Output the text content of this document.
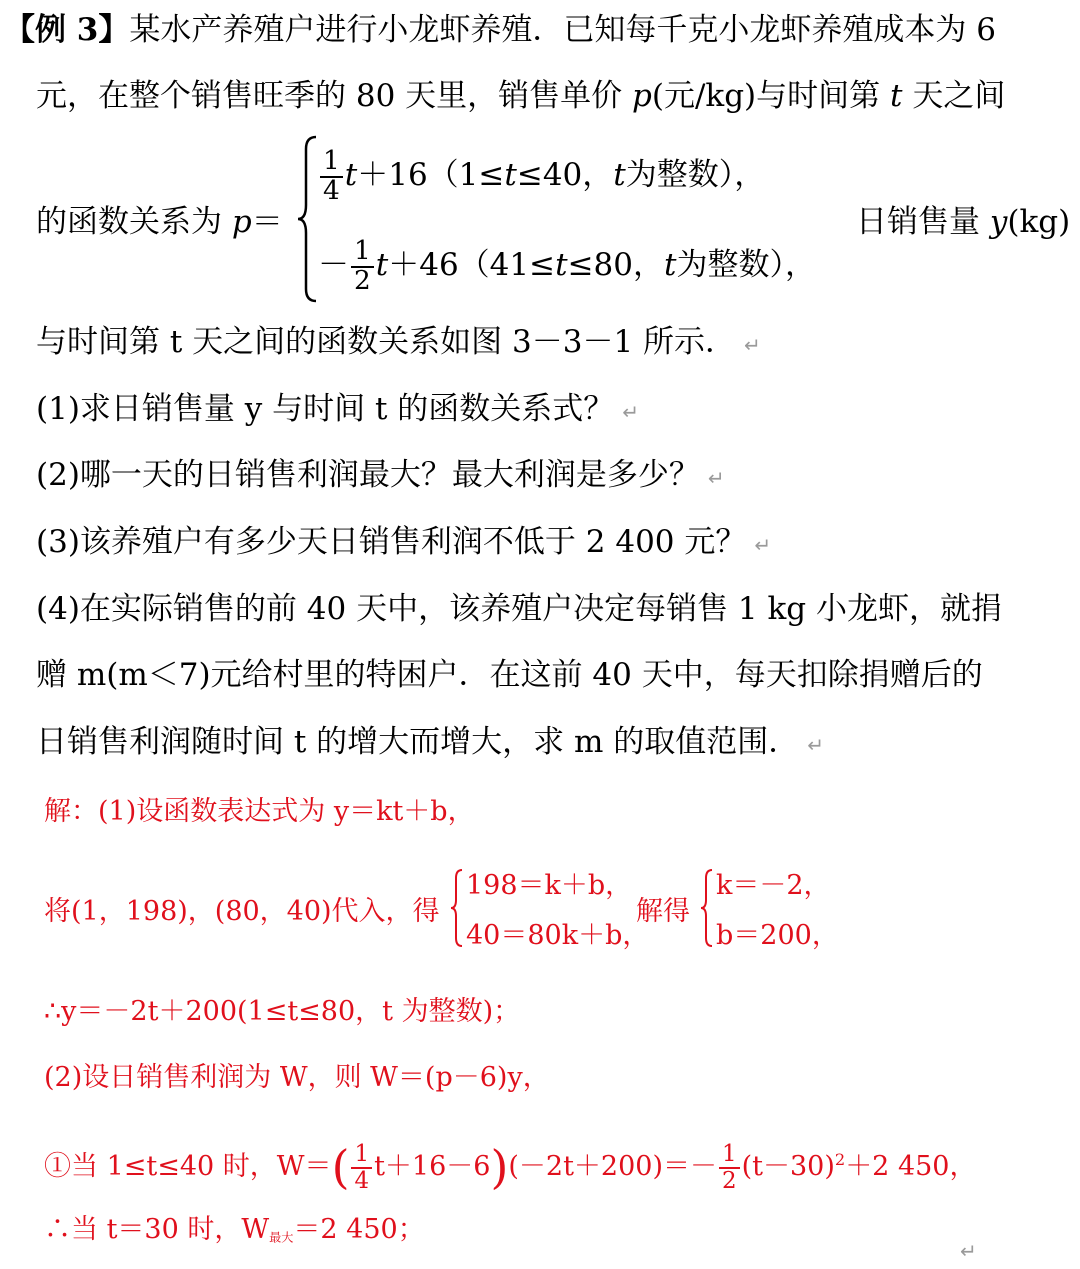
【例 3】某水产养殖户进行小龙虾养殖．已知每千克小龙虾养殖成本为 6
元，在整个销售旺季的 80 天里，销售单价 p(元/kg)与时间第 t 天之间
的函数关系为 p＝
$\frac{1}{4} t+16(1\le t\le 40$，t为整数），
－ $\frac{1}{2} t+46(41\le t\le 80$，t为整数），
日销售量 y(kg)
与时间第 t 天之间的函数关系如图 3－3－1 所示． ↵
(1)求日销售量 y 与时间 t 的函数关系式？ ↵
(2)哪一天的日销售利润最大？最大利润是多少？ ↵
(3)该养殖户有多少天日销售利润不低于 2 400 元？ ↵
(4)在实际销售的前 40 天中，该养殖户决定每销售 1 kg 小龙虾，就捐
赠 m(m＜7)元给村里的特困户．在这前 40 天中，每天扣除捐赠后的
日销售利润随时间 t 的增大而增大，求 m 的取值范围． ↵
解：(1)设函数表达式为 y＝kt＋b，
将(1，198)，(80，40)代入，得
198＝k＋b，
40＝80k＋b，
解得
k＝－2，
b＝200，
∴y＝－2t＋200(1≤t≤80，t 为整数)；
(2)设日销售利润为 W，则 W＝(p－6)y，
①当 1≤t≤40 时，$W=( \frac{1}{4} t+16-6)(-2t+200)=- \frac{1}{2} (t-30)^2+2$ 450，
∴当 t＝30 时，W最大＝2 450；
↵
